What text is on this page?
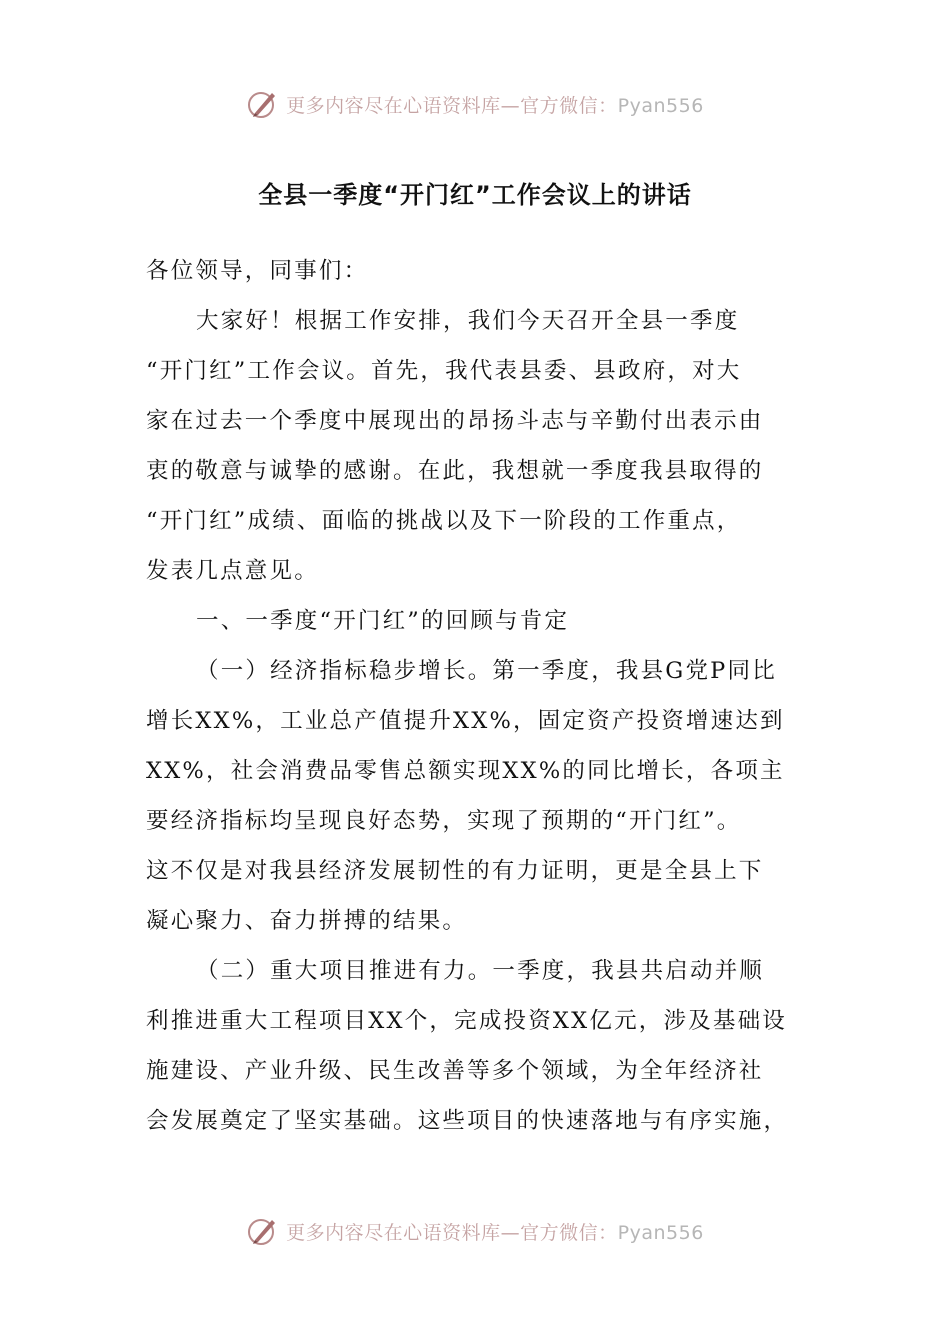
更多内容尽在心语资料库—官方微信：Pyan556
全县一季度“开门红”工作会议上的讲话
各位领导，同事们：
大家好！根据工作安排，我们今天召开全县一季度
“开门红”工作会议。首先，我代表县委、县政府，对大
家在过去一个季度中展现出的昂扬斗志与辛勤付出表示由
衷的敬意与诚挚的感谢。在此，我想就一季度我县取得的
“开门红”成绩、面临的挑战以及下一阶段的工作重点，
发表几点意见。
一、一季度“开门红”的回顾与肯定
（一）经济指标稳步增长。第一季度，我县G党P同比
增长XX%，工业总产值提升XX%，固定资产投资增速达到
XX%，社会消费品零售总额实现XX%的同比增长，各项主
要经济指标均呈现良好态势，实现了预期的“开门红”。
这不仅是对我县经济发展韧性的有力证明，更是全县上下
凝心聚力、奋力拼搏的结果。
（二）重大项目推进有力。一季度，我县共启动并顺
利推进重大工程项目XX个，完成投资XX亿元，涉及基础设
施建设、产业升级、民生改善等多个领域，为全年经济社
会发展奠定了坚实基础。这些项目的快速落地与有序实施，
更多内容尽在心语资料库—官方微信：Pyan556
